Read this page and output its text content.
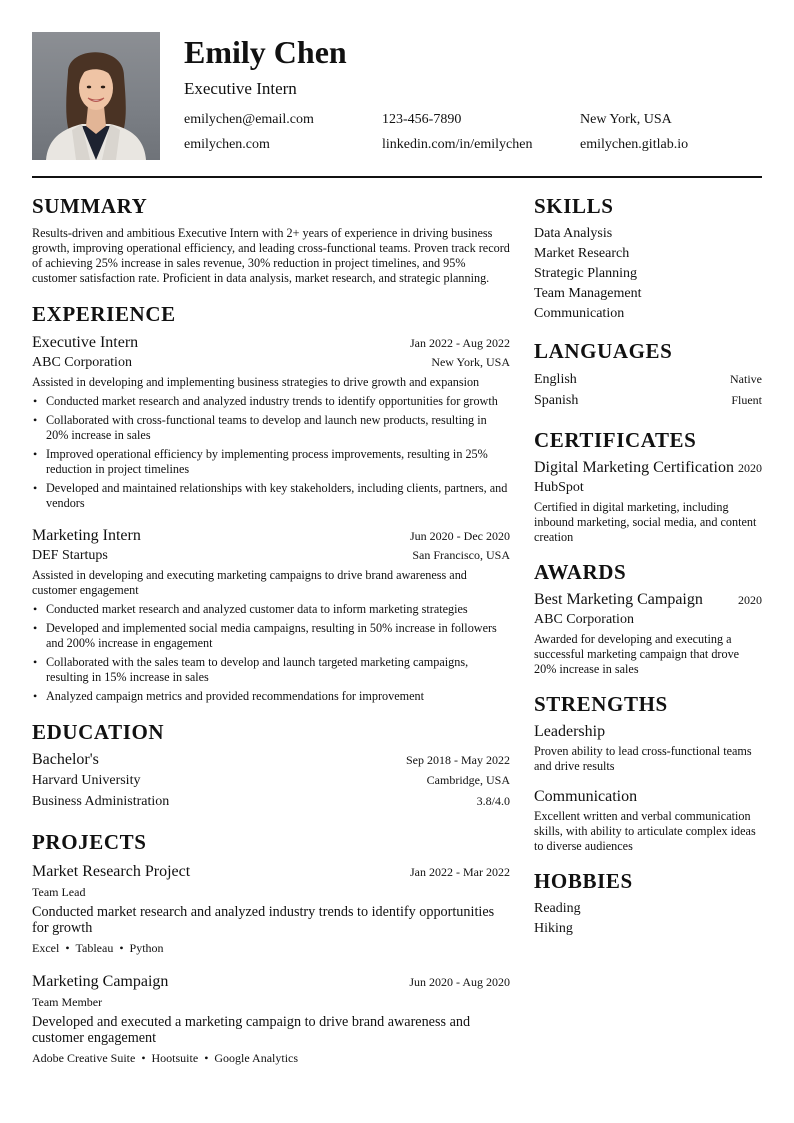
Emily Chen
Executive Intern
emilychen@email.com	123-456-7890	New York, USA
emilychen.com	linkedin.com/in/emilychen	emilychen.gitlab.io
SUMMARY
Results-driven and ambitious Executive Intern with 2+ years of experience in driving business growth, improving operational efficiency, and leading cross-functional teams. Proven track record of achieving 25% increase in sales revenue, 30% reduction in project timelines, and 95% customer satisfaction rate. Proficient in data analysis, market research, and strategic planning.
EXPERIENCE
Executive Intern	Jan 2022 - Aug 2022
ABC Corporation	New York, USA
Assisted in developing and implementing business strategies to drive growth and expansion
• Conducted market research and analyzed industry trends to identify opportunities for growth
• Collaborated with cross-functional teams to develop and launch new products, resulting in 20% increase in sales
• Improved operational efficiency by implementing process improvements, resulting in 25% reduction in project timelines
• Developed and maintained relationships with key stakeholders, including clients, partners, and vendors
Marketing Intern	Jun 2020 - Dec 2020
DEF Startups	San Francisco, USA
Assisted in developing and executing marketing campaigns to drive brand awareness and customer engagement
• Conducted market research and analyzed customer data to inform marketing strategies
• Developed and implemented social media campaigns, resulting in 50% increase in followers and 200% increase in engagement
• Collaborated with the sales team to develop and launch targeted marketing campaigns, resulting in 15% increase in sales
• Analyzed campaign metrics and provided recommendations for improvement
EDUCATION
Bachelor's	Sep 2018 - May 2022
Harvard University	Cambridge, USA
Business Administration	3.8/4.0
PROJECTS
Market Research Project	Jan 2022 - Mar 2022
Team Lead
Conducted market research and analyzed industry trends to identify opportunities for growth
Excel • Tableau • Python
Marketing Campaign	Jun 2020 - Aug 2020
Team Member
Developed and executed a marketing campaign to drive brand awareness and customer engagement
Adobe Creative Suite • Hootsuite • Google Analytics
SKILLS
Data Analysis
Market Research
Strategic Planning
Team Management
Communication
LANGUAGES
English	Native
Spanish	Fluent
CERTIFICATES
Digital Marketing Certification 2020
HubSpot
Certified in digital marketing, including inbound marketing, social media, and content creation
AWARDS
Best Marketing Campaign	2020
ABC Corporation
Awarded for developing and executing a successful marketing campaign that drove 20% increase in sales
STRENGTHS
Leadership
Proven ability to lead cross-functional teams and drive results
Communication
Excellent written and verbal communication skills, with ability to articulate complex ideas to diverse audiences
HOBBIES
Reading
Hiking
